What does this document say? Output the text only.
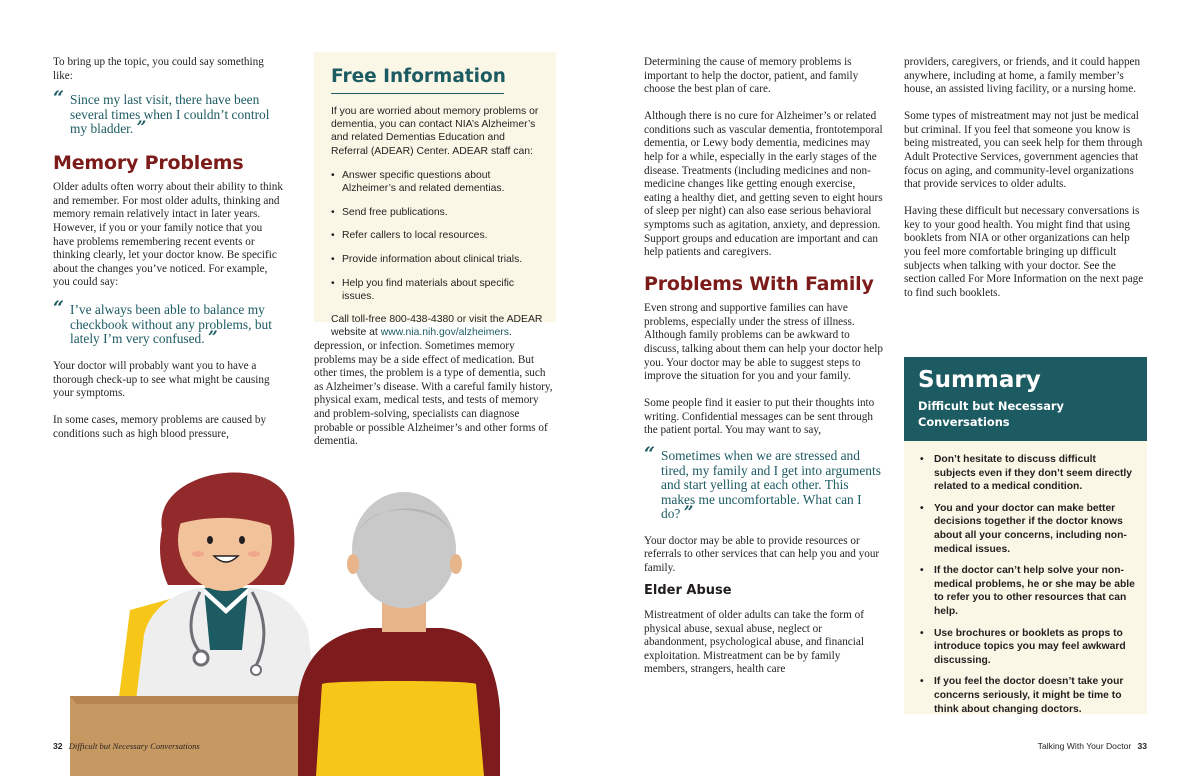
To bring up the topic, you could say something like:

“ Since my last visit, there have been several times when I couldn’t control my bladder. ”
Memory Problems

Older adults often worry about their ability to think and remember. For most older adults, thinking and memory remain relatively intact in later years. However, if you or your family notice that you have problems remembering recent events or thinking clearly, let your doctor know. Be specific about the changes you’ve noticed. For example, you could say:

“ I’ve always been able to balance my checkbook without any problems, but lately I’m very confused. ”

Your doctor will probably want you to have a thorough check-up to see what might be causing your symptoms.

In some cases, memory problems are caused by conditions such as high blood pressure,

Free Information

If you are worried about memory problems or dementia, you can contact NIA’s Alzheimer’s and related Dementias Education and Referral (ADEAR) Center. ADEAR staff can:

• Answer specific questions about Alzheimer’s and related dementias.
• Send free publications.
• Refer callers to local resources.
• Provide information about clinical trials.
• Help you find materials about specific issues.

Call toll-free 800-438-4380 or visit the ADEAR website at www.nia.nih.gov/alzheimers.

depression, or infection. Sometimes memory problems may be a side effect of medication. But other times, the problem is a type of dementia, such as Alzheimer’s disease. With a careful family history, physical exam, medical tests, and tests of memory and problem-solving, specialists can diagnose probable or possible Alzheimer’s and other forms of dementia.

Determining the cause of memory problems is important to help the doctor, patient, and family choose the best plan of care.

Although there is no cure for Alzheimer’s or related conditions such as vascular dementia, frontotemporal dementia, or Lewy body dementia, medicines may help for a while, especially in the early stages of the disease. Treatments (including medicines and non-medicine changes like getting enough exercise, eating a healthy diet, and getting seven to eight hours of sleep per night) can also ease serious behavioral symptoms such as agitation, anxiety, and depression. Support groups and education are important and can help patients and caregivers.

Problems With Family

Even strong and supportive families can have problems, especially under the stress of illness. Although family problems can be awkward to discuss, talking about them can help your doctor help you. Your doctor may be able to suggest steps to improve the situation for you and your family.

Some people find it easier to put their thoughts into writing. Confidential messages can be sent through the patient portal. You may want to say,

“ Sometimes when we are stressed and tired, my family and I get into arguments and start yelling at each other. This makes me uncomfortable. What can I do? ”

Your doctor may be able to provide resources or referrals to other services that can help you and your family.

Elder Abuse

Mistreatment of older adults can take the form of physical abuse, sexual abuse, neglect or abandonment, psychological abuse, and financial exploitation. Mistreatment can be by family members, strangers, health care

providers, caregivers, or friends, and it could happen anywhere, including at home, a family member’s house, an assisted living facility, or a nursing home.

Some types of mistreatment may not just be medical but criminal. If you feel that someone you know is being mistreated, you can seek help for them through Adult Protective Services, government agencies that focus on aging, and community-level organizations that provide services to older adults.

Having these difficult but necessary conversations is key to your good health. You might find that using booklets from NIA or other organizations can help you feel more comfortable bringing up difficult subjects when talking with your doctor. See the section called For More Information on the next page to find such booklets.

Summary
Difficult but Necessary Conversations
• Don’t hesitate to discuss difficult subjects even if they don’t seem directly related to a medical condition.
• You and your doctor can make better decisions together if the doctor knows about all your concerns, including non-medical issues.
• If the doctor can’t help solve your non-medical problems, he or she may be able to refer you to other resources that can help.
• Use brochures or booklets as props to introduce topics you may feel awkward discussing.
• If you feel the doctor doesn’t take your concerns seriously, it might be time to think about changing doctors.
32 Difficult but Necessary Conversations	Talking With Your Doctor 33
